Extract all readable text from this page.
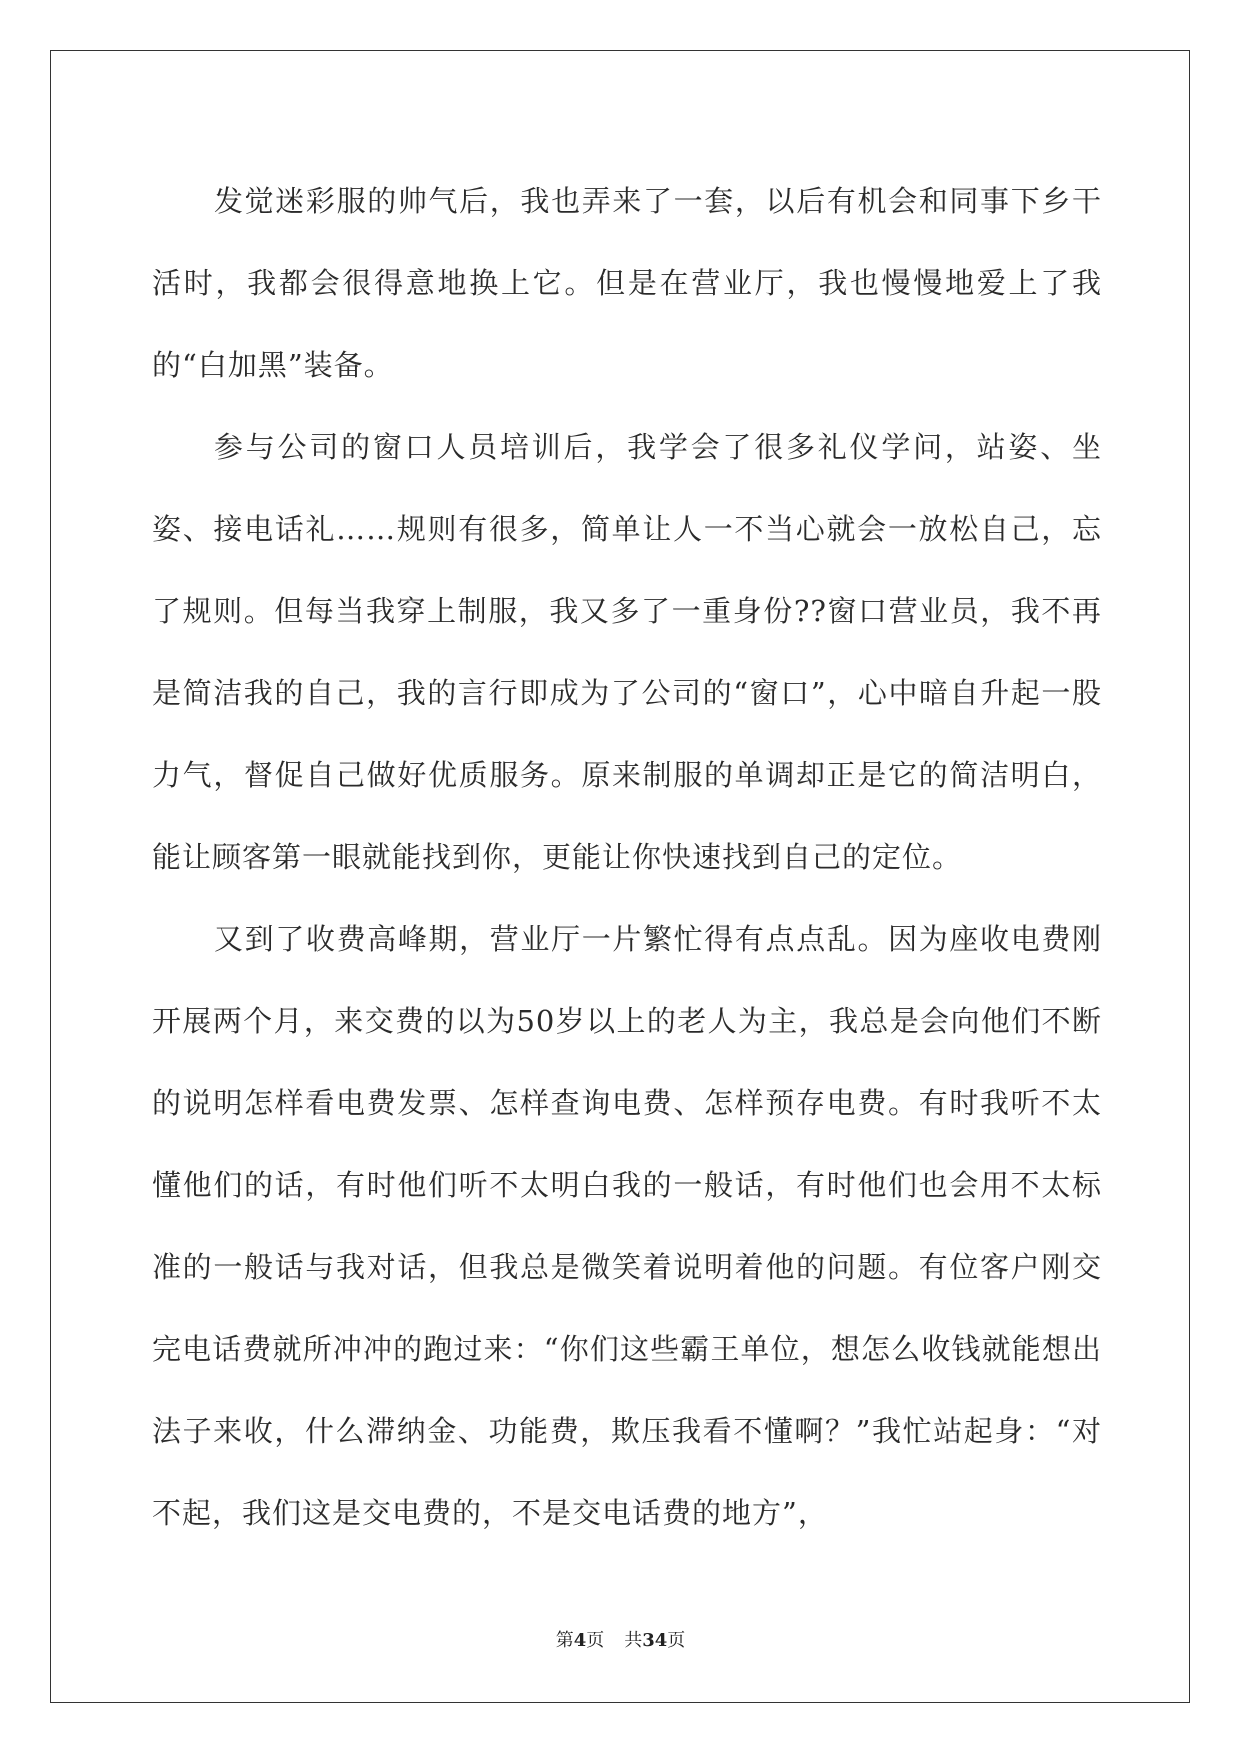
发觉迷彩服的帅气后，我也弄来了一套，以后有机会和同事下乡干活时，我都会很得意地换上它。但是在营业厅，我也慢慢地爱上了我的“白加黑”装备。

参与公司的窗口人员培训后，我学会了很多礼仪学问，站姿、坐姿、接电话礼……规则有很多，简单让人一不当心就会一放松自己，忘了规则。但每当我穿上制服，我又多了一重身份??窗口营业员，我不再是简洁我的自己，我的言行即成为了公司的“窗口”，心中暗自升起一股力气，督促自己做好优质服务。原来制服的单调却正是它的简洁明白，能让顾客第一眼就能找到你，更能让你快速找到自己的定位。

又到了收费高峰期，营业厅一片繁忙得有点点乱。因为座收电费刚开展两个月，来交费的以为50岁以上的老人为主，我总是会向他们不断的说明怎样看电费发票、怎样查询电费、怎样预存电费。有时我听不太懂他们的话，有时他们听不太明白我的一般话，有时他们也会用不太标准的一般话与我对话，但我总是微笑着说明着他的问题。有位客户刚交完电话费就所冲冲的跑过来：“你们这些霸王单位，想怎么收钱就能想出法子来收，什么滞纳金、功能费，欺压我看不懂啊？”我忙站起身：“对不起，我们这是交电费的，不是交电话费的地方”，

第4页 共34页
